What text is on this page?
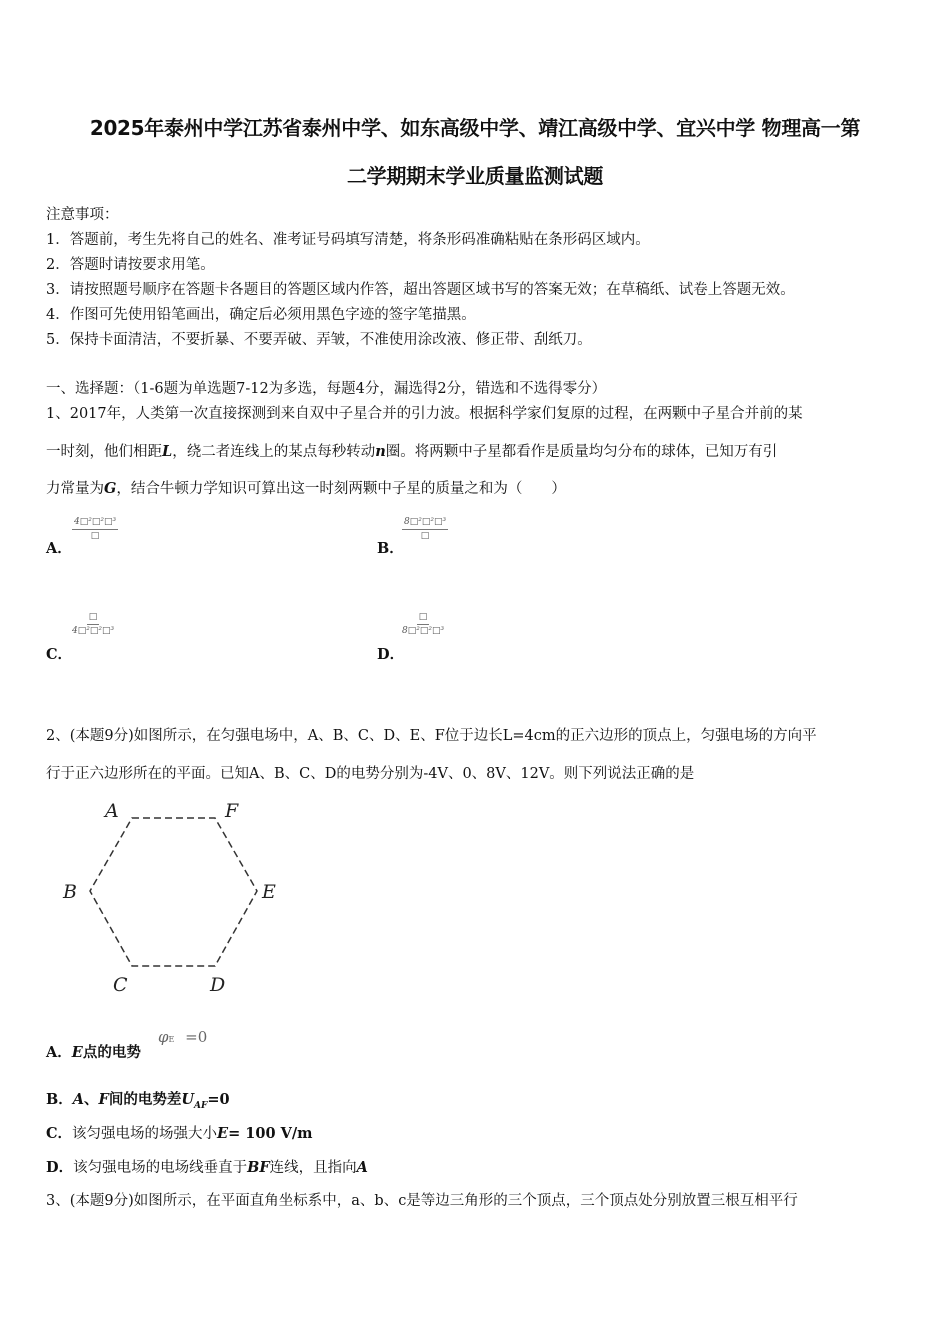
2025年泰州中学江苏省泰州中学、如东高级中学、靖江高级中学、宜兴中学 物理高一第
二学期期末学业质量监测试题
注意事项：
1．答题前，考生先将自己的姓名、准考证号码填写清楚，将条形码准确粘贴在条形码区域内。
2．答题时请按要求用笔。
3．请按照题号顺序在答题卡各题目的答题区域内作答，超出答题区域书写的答案无效；在草稿纸、试卷上答题无效。
4．作图可先使用铅笔画出，确定后必须用黑色字迹的签字笔描黑。
5．保持卡面清洁，不要折暴、不要弄破、弄皱，不准使用涂改液、修正带、刮纸刀。
一、选择题：（1-6题为单选题7-12为多选，每题4分，漏选得2分，错选和不选得零分）
1、2017年，人类第一次直接探测到来自双中子星合并的引力波。根据科学家们复原的过程，在两颗中子星合并前的某
一时刻，他们相距L，绕二者连线上的某点每秒转动n圈。将两颗中子星都看作是质量均匀分布的球体，已知万有引
力常量为G，结合牛顿力学知识可算出这一时刻两颗中子星的质量之和为（　　）
A．
4□²□²□³
□
B．
8□²□²□³
□
C．
□
4□²□²□³
D．
□
8□²□²□³
2、(本题9分)如图所示，在匀强电场中，A、B、C、D、E、F位于边长L=4cm的正六边形的顶点上，匀强电场的方向平
行于正六边形所在的平面。已知A、B、C、D的电势分别为-4V、0、8V、12V。则下列说法正确的是
A	F
B	E
C	D
A．E点的电势
φE =0
B．A、F间的电势差$U_{AF}=0$
C．该匀强电场的场强大小E= 100 V/m
D．该匀强电场的电场线垂直于BF连线，且指向A
3、(本题9分)如图所示，在平面直角坐标系中，a、b、c是等边三角形的三个顶点，三个顶点处分别放置三根互相平行
